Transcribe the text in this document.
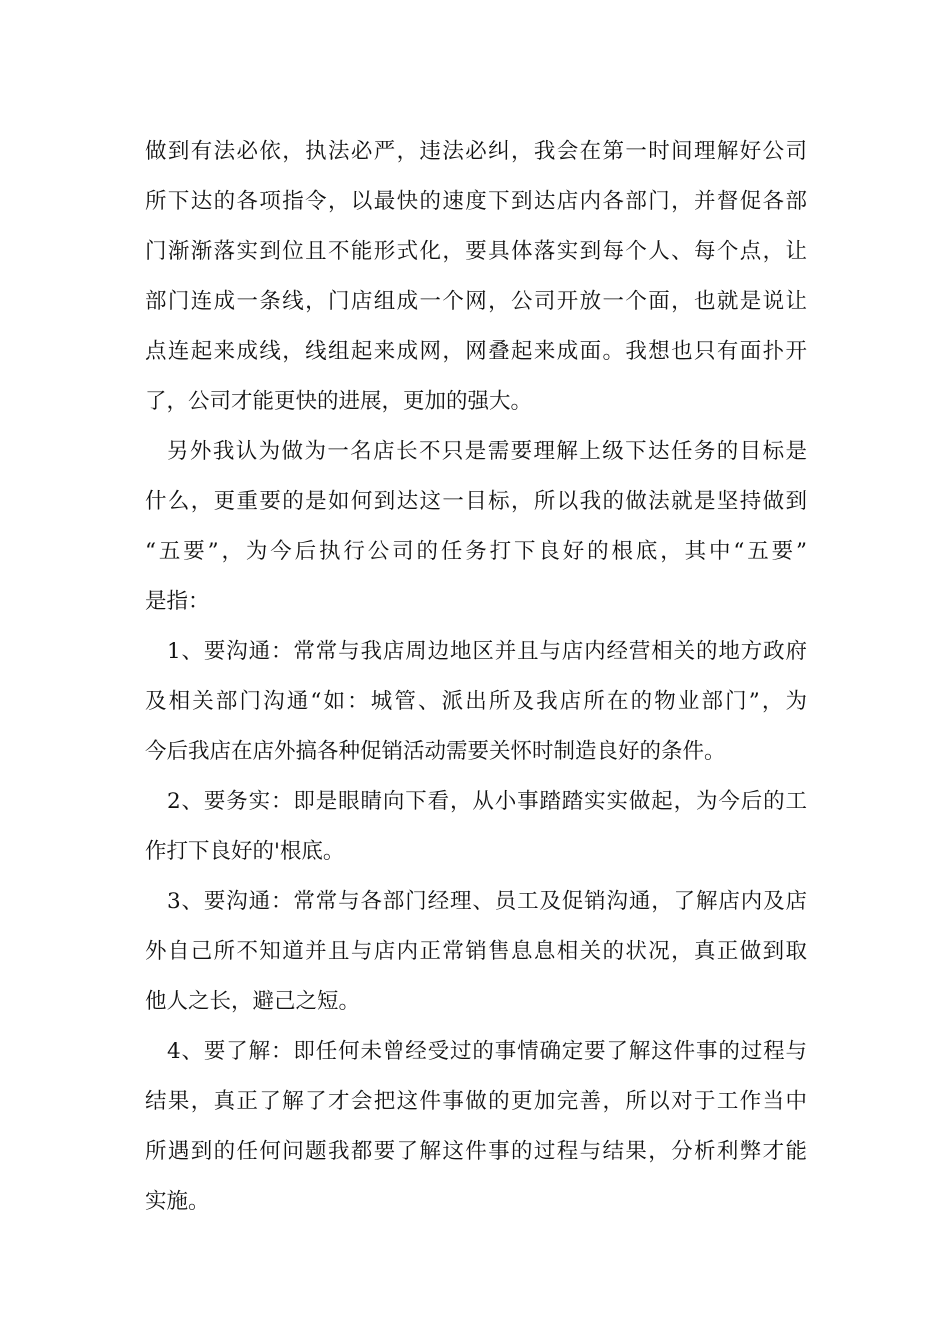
做到有法必依，执法必严，违法必纠，我会在第一时间理解好公司
所下达的各项指令，以最快的速度下到达店内各部门，并督促各部
门渐渐落实到位且不能形式化，要具体落实到每个人、每个点，让
部门连成一条线，门店组成一个网，公司开放一个面，也就是说让
点连起来成线，线组起来成网，网叠起来成面。我想也只有面扑开
了，公司才能更快的进展，更加的强大。
另外我认为做为一名店长不只是需要理解上级下达任务的目标是
什么，更重要的是如何到达这一目标，所以我的做法就是坚持做到
“五要”，为今后执行公司的任务打下良好的根底，其中“五要”
是指：
1、要沟通：常常与我店周边地区并且与店内经营相关的地方政府
及相关部门沟通“如：城管、派出所及我店所在的物业部门”，为
今后我店在店外搞各种促销活动需要关怀时制造良好的条件。
2、要务实：即是眼睛向下看，从小事踏踏实实做起，为今后的工
作打下良好的'根底。
3、要沟通：常常与各部门经理、员工及促销沟通，了解店内及店
外自己所不知道并且与店内正常销售息息相关的状况，真正做到取
他人之长，避己之短。
4、要了解：即任何未曾经受过的事情确定要了解这件事的过程与
结果，真正了解了才会把这件事做的更加完善，所以对于工作当中
所遇到的任何问题我都要了解这件事的过程与结果，分析利弊才能
实施。
